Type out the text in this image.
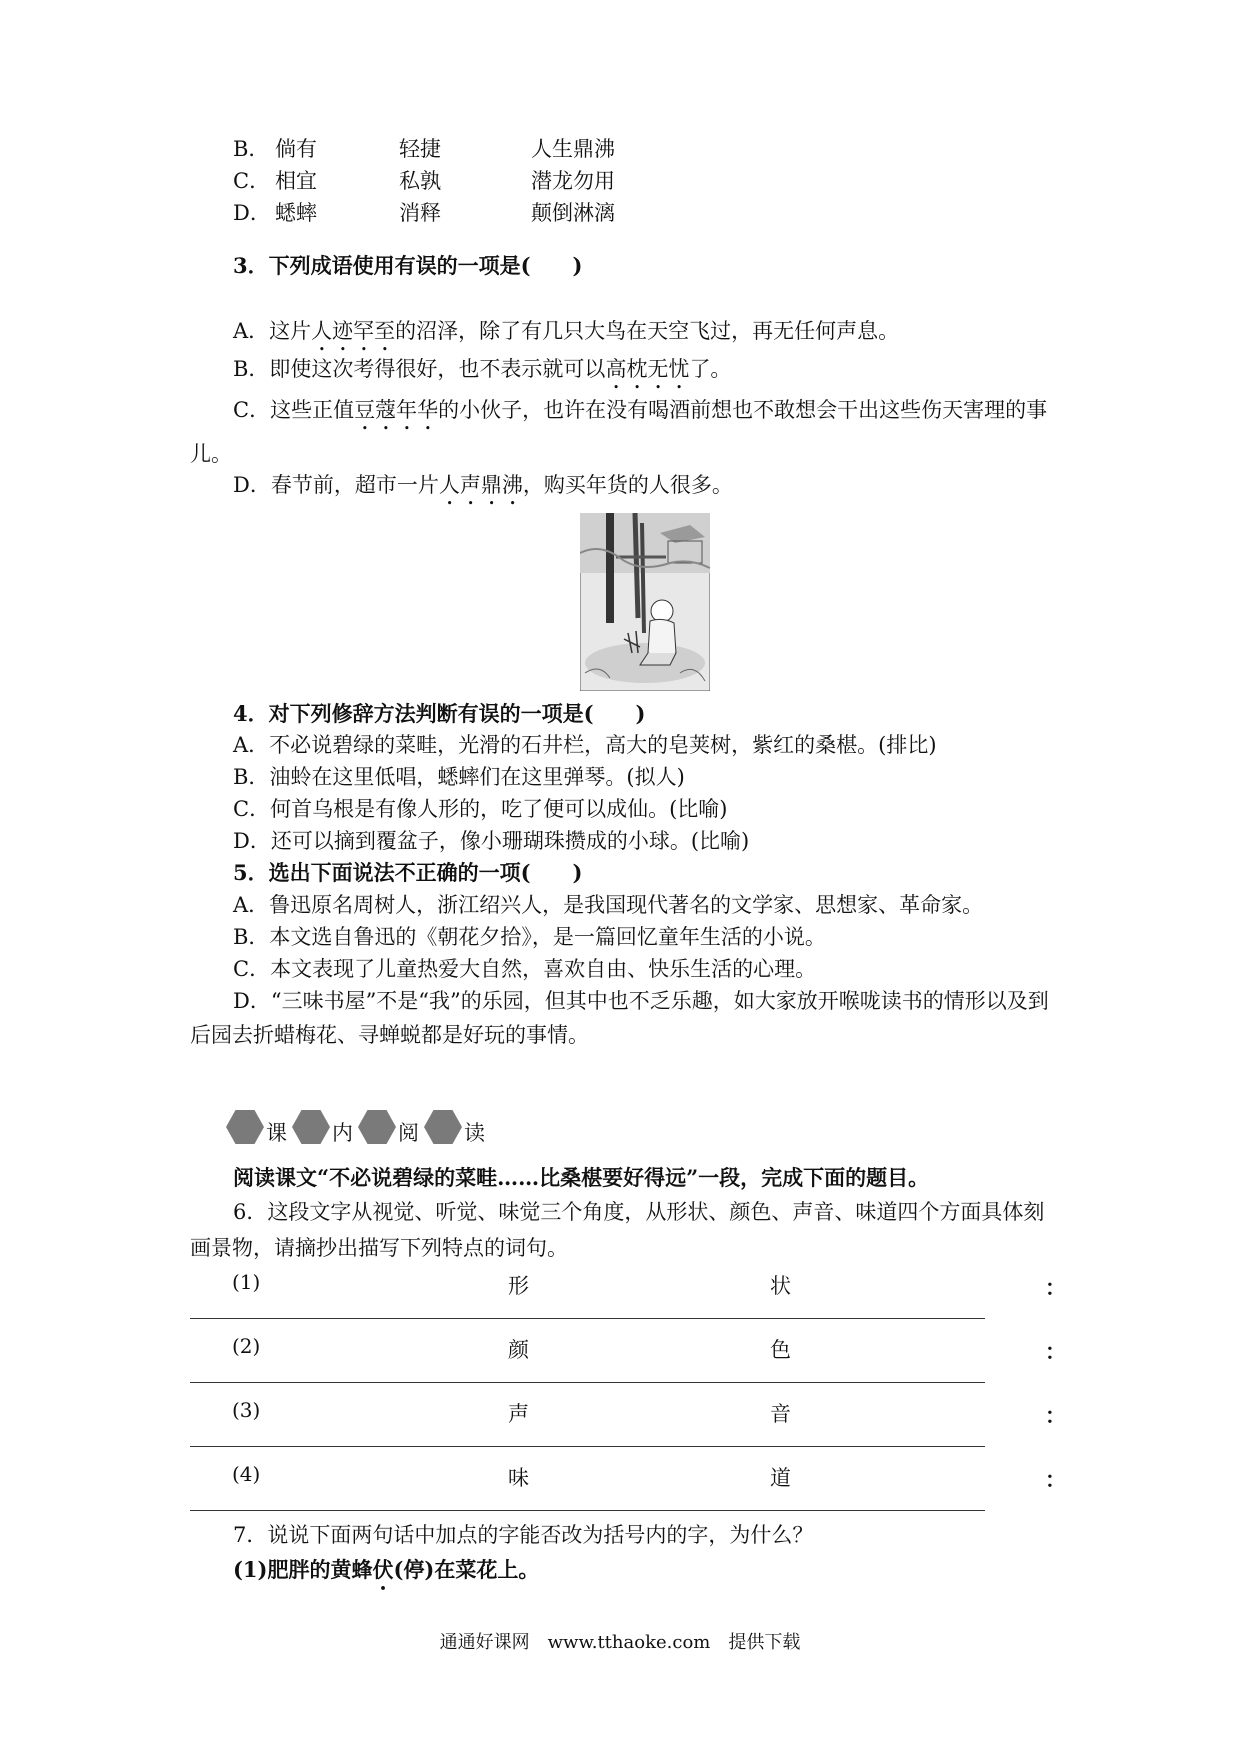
B． 倘有	轻捷	人生鼎沸
C． 相宜	私孰	潜龙勿用
D． 蟋蟀	消释	颠倒淋漓
3．下列成语使用有误的一项是(　　)
A．这片人迹罕至的沼泽，除了有几只大鸟在天空飞过，再无任何声息。
B．即使这次考得很好，也不表示就可以高枕无忧了。
C．这些正值豆蔻年华的小伙子，也许在没有喝酒前想也不敢想会干出这些伤天害理的事儿。
D．春节前，超市一片人声鼎沸，购买年货的人很多。
4．对下列修辞方法判断有误的一项是(　　)
A．不必说碧绿的菜畦，光滑的石井栏，高大的皂荚树，紫红的桑椹。(排比)
B．油蛉在这里低唱，蟋蟀们在这里弹琴。(拟人)
C．何首乌根是有像人形的，吃了便可以成仙。(比喻)
D．还可以摘到覆盆子，像小珊瑚珠攒成的小球。(比喻)
5．选出下面说法不正确的一项(　　)
A．鲁迅原名周树人，浙江绍兴人，是我国现代著名的文学家、思想家、革命家。
B．本文选自鲁迅的《朝花夕拾》，是一篇回忆童年生活的小说。
C．本文表现了儿童热爱大自然，喜欢自由、快乐生活的心理。
D．“三味书屋”不是“我”的乐园，但其中也不乏乐趣，如大家放开喉咙读书的情形以及到后园去折蜡梅花、寻蝉蜕都是好玩的事情。
课 内 阅 读
阅读课文“不必说碧绿的菜畦……比桑椹要好得远”一段，完成下面的题目。
6．这段文字从视觉、听觉、味觉三个角度，从形状、颜色、声音、味道四个方面具体刻画景物，请摘抄出描写下列特点的词句。
(1)	形	状	：
(2)	颜	色	：
(3)	声	音	：
(4)	味	道	：
7．说说下面两句话中加点的字能否改为括号内的字，为什么？
(1)肥胖的黄蜂伏(停)在菜花上。
通通好课网　www.tthaoke.com　提供下载
